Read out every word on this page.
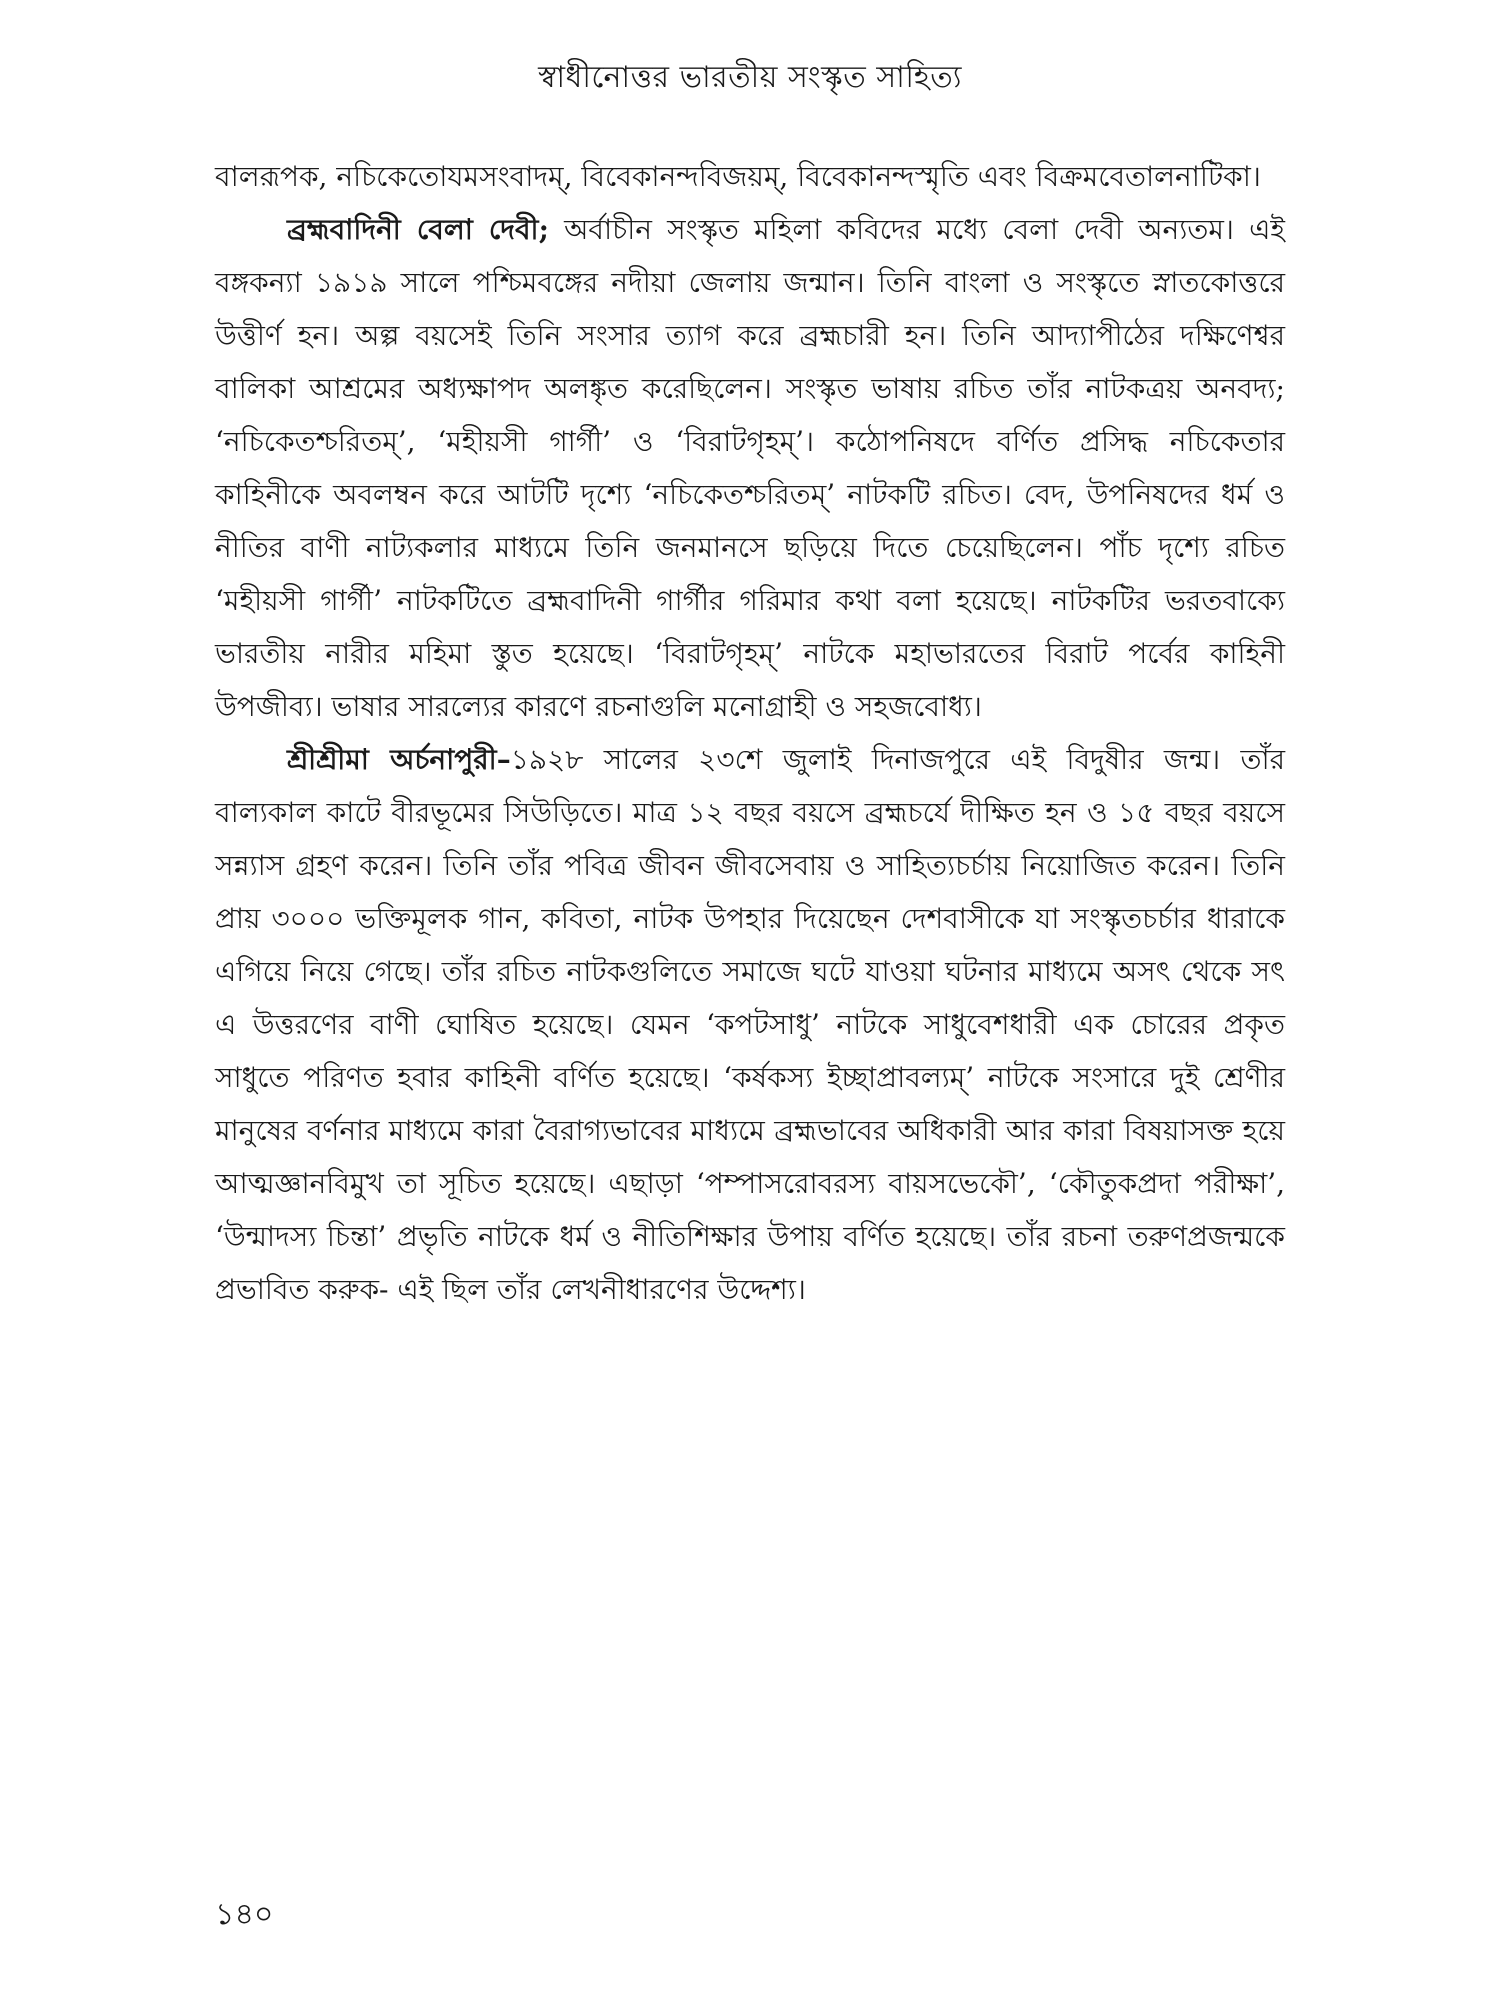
স্বাধীনোত্তর ভারতীয় সংস্কৃত সাহিত্য

বালরূপক, নচিকেতোযমসংবাদম্, বিবেকানন্দবিজয়ম্, বিবেকানন্দস্মৃতি এবং বিক্রমবেতালনাটিকা।

ব্রহ্মবাদিনী বেলা দেবী; অর্বাচীন সংস্কৃত মহিলা কবিদের মধ্যে বেলা দেবী অন্যতম। এই বঙ্গকন্যা ১৯১৯ সালে পশ্চিমবঙ্গের নদীয়া জেলায় জন্মান। তিনি বাংলা ও সংস্কৃতে স্নাতকোত্তরে উত্তীর্ণ হন। অল্প বয়সেই তিনি সংসার ত্যাগ করে ব্রহ্মচারী হন। তিনি আদ্যাপীঠের দক্ষিণেশ্বর বালিকা আশ্রমের অধ্যক্ষাপদ অলঙ্কৃত করেছিলেন। সংস্কৃত ভাষায় রচিত তাঁর নাটকত্রয় অনবদ্য; ‘নচিকেতশ্চরিতম্’, ‘মহীয়সী গার্গী’ ও ‘বিরাটগৃহম্’। কঠোপনিষদে বর্ণিত প্রসিদ্ধ নচিকেতার কাহিনীকে অবলম্বন করে আটটি দৃশ্যে ‘নচিকেতশ্চরিতম্’ নাটকটি রচিত। বেদ, উপনিষদের ধর্ম ও নীতির বাণী নাট্যকলার মাধ্যমে তিনি জনমানসে ছড়িয়ে দিতে চেয়েছিলেন। পাঁচ দৃশ্যে রচিত ‘মহীয়সী গার্গী’ নাটকটিতে ব্রহ্মবাদিনী গার্গীর গরিমার কথা বলা হয়েছে। নাটকটির ভরতবাক্যে ভারতীয় নারীর মহিমা স্তুত হয়েছে। ‘বিরাটগৃহম্’ নাটকে মহাভারতের বিরাট পর্বের কাহিনী উপজীব্য। ভাষার সারল্যের কারণে রচনাগুলি মনোগ্রাহী ও সহজবোধ্য।

শ্রীশ্রীমা অর্চনাপুরী–১৯২৮ সালের ২৩শে জুলাই দিনাজপুরে এই বিদুষীর জন্ম। তাঁর বাল্যকাল কাটে বীরভূমের সিউড়িতে। মাত্র ১২ বছর বয়সে ব্রহ্মচর্যে দীক্ষিত হন ও ১৫ বছর বয়সে সন্ন্যাস গ্রহণ করেন। তিনি তাঁর পবিত্র জীবন জীবসেবায় ও সাহিত্যচর্চায় নিয়োজিত করেন। তিনি প্রায় ৩০০০ ভক্তিমূলক গান, কবিতা, নাটক উপহার দিয়েছেন দেশবাসীকে যা সংস্কৃতচর্চার ধারাকে এগিয়ে নিয়ে গেছে। তাঁর রচিত নাটকগুলিতে সমাজে ঘটে যাওয়া ঘটনার মাধ্যমে অসৎ থেকে সৎ এ উত্তরণের বাণী ঘোষিত হয়েছে। যেমন ‘কপটসাধু’ নাটকে সাধুবেশধারী এক চোরের প্রকৃত সাধুতে পরিণত হবার কাহিনী বর্ণিত হয়েছে। ‘কর্ষকস্য ইচ্ছাপ্রাবল্যম্’ নাটকে সংসারে দুই শ্রেণীর মানুষের বর্ণনার মাধ্যমে কারা বৈরাগ্যভাবের মাধ্যমে ব্রহ্মভাবের অধিকারী আর কারা বিষয়াসক্ত হয়ে আত্মজ্ঞানবিমুখ তা সূচিত হয়েছে। এছাড়া ‘পম্পাসরোবরস্য বায়সভেকৌ’, ‘কৌতুকপ্রদা পরীক্ষা’, ‘উন্মাদস্য চিন্তা’ প্রভৃতি নাটকে ধর্ম ও নীতিশিক্ষার উপায় বর্ণিত হয়েছে। তাঁর রচনা তরুণপ্রজন্মকে প্রভাবিত করুক- এই ছিল তাঁর লেখনীধারণের উদ্দেশ্য।

১৪০
